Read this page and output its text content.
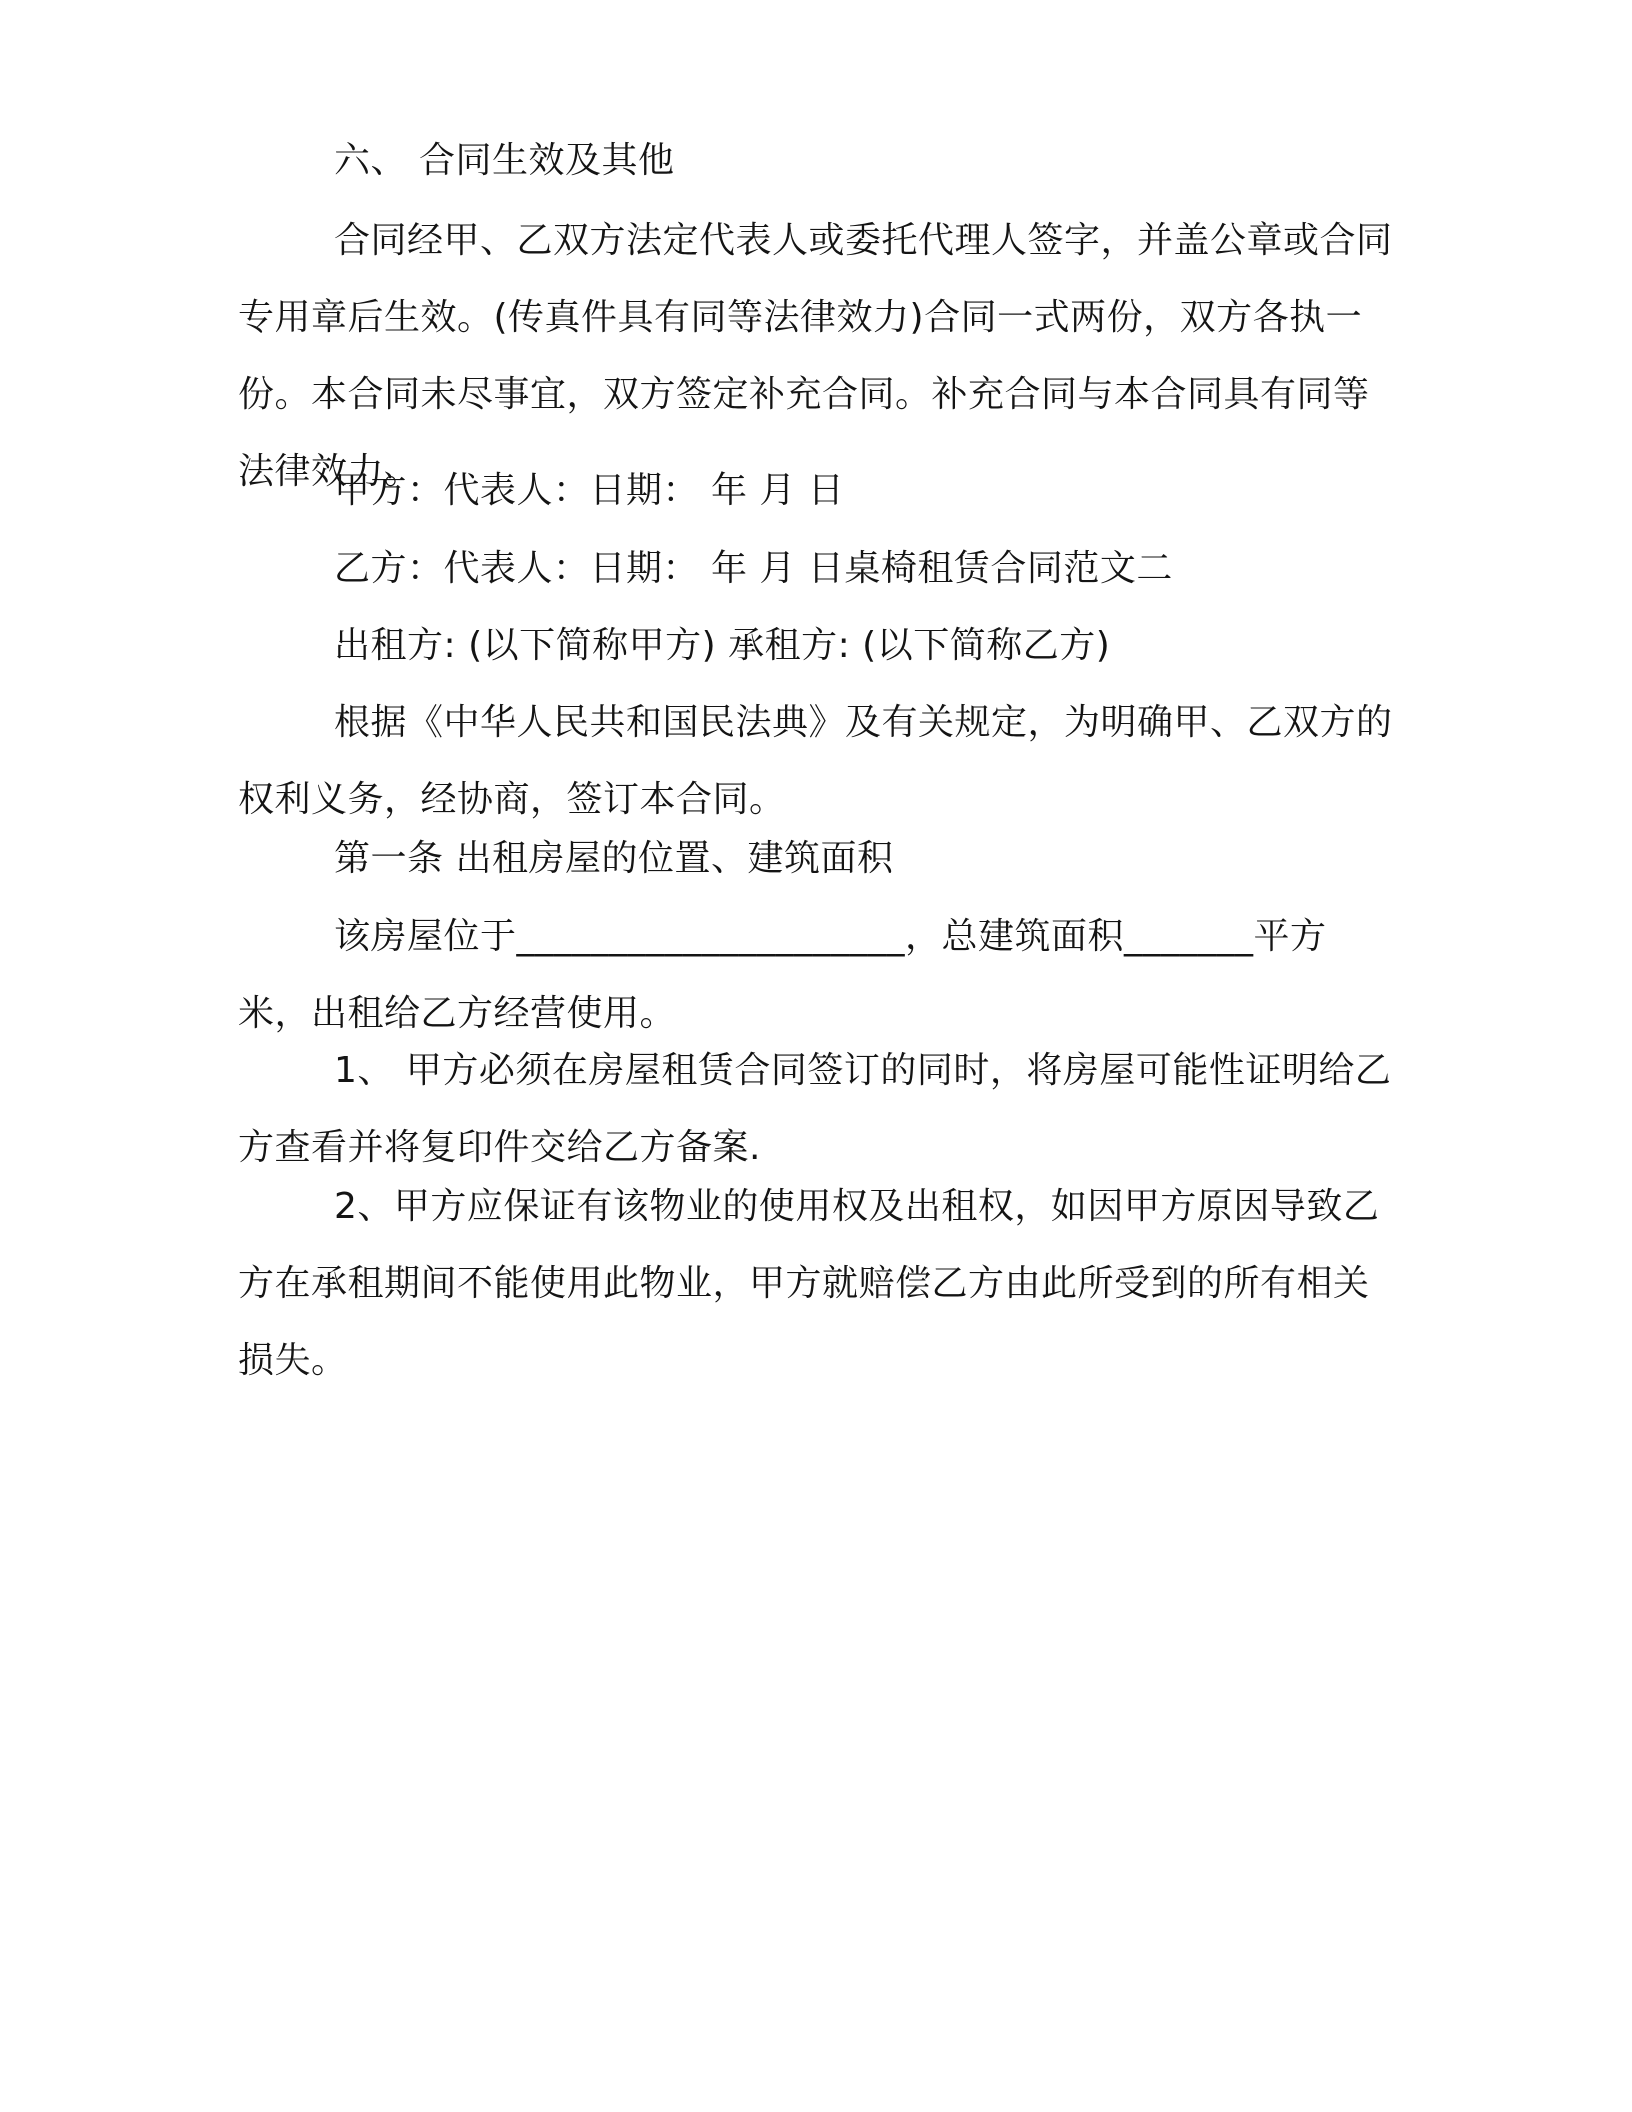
六、 合同生效及其他
合同经甲、乙双方法定代表人或委托代理人签字，并盖公章或合同专用章后生效。(传真件具有同等法律效力)合同一式两份，双方各执一份。本合同未尽事宜，双方签定补充合同。补充合同与本合同具有同等法律效力。
甲方：代表人：日期： 年 月 日
乙方：代表人：日期： 年 月 日桌椅租赁合同范文二
出租方: (以下简称甲方) 承租方: (以下简称乙方)
根据《中华人民共和国民法典》及有关规定，为明确甲、乙双方的权利义务，经协商，签订本合同。
第一条 出租房屋的位置、建筑面积
该房屋位于_____________________，总建筑面积_______平方米，出租给乙方经营使用。
1、 甲方必须在房屋租赁合同签订的同时，将房屋可能性证明给乙方查看并将复印件交给乙方备案.
2、甲方应保证有该物业的使用权及出租权，如因甲方原因导致乙方在承租期间不能使用此物业，甲方就赔偿乙方由此所受到的所有相关损失。
